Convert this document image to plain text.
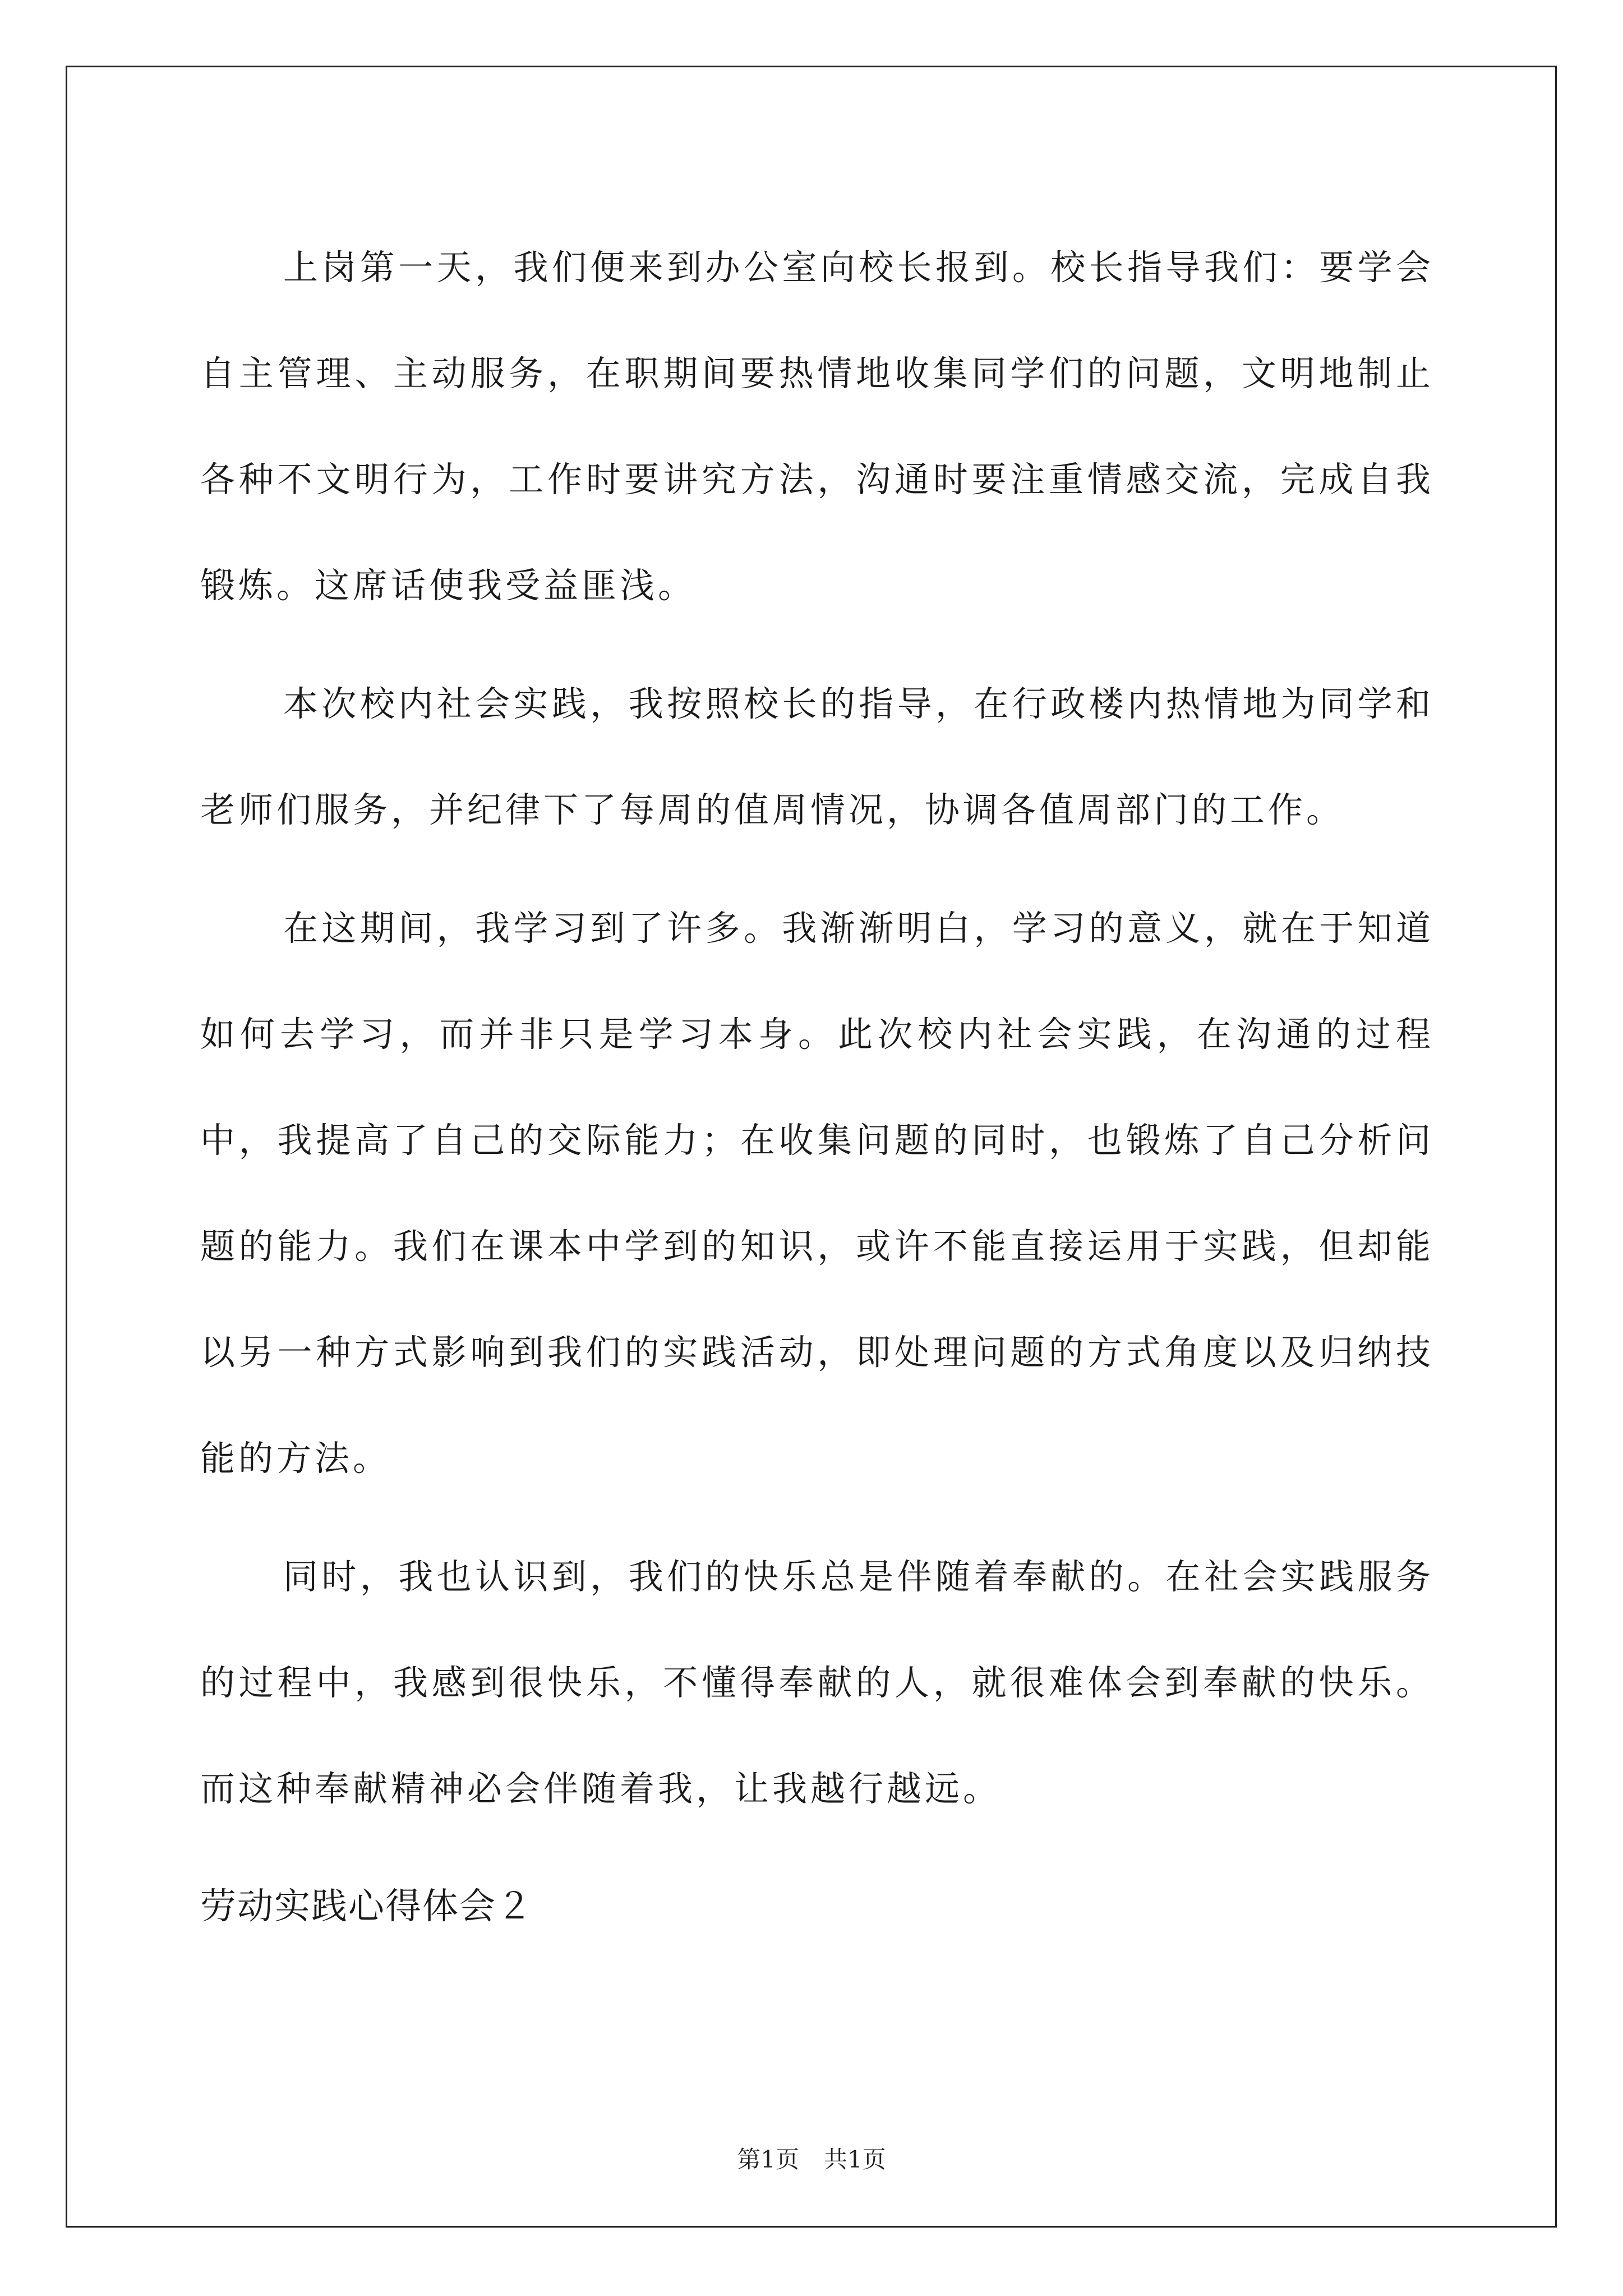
上岗第一天，我们便来到办公室向校长报到。校长指导我们：要学会自主管理、主动服务，在职期间要热情地收集同学们的问题，文明地制止各种不文明行为，工作时要讲究方法，沟通时要注重情感交流，完成自我锻炼。这席话使我受益匪浅。

本次校内社会实践，我按照校长的指导，在行政楼内热情地为同学和老师们服务，并纪律下了每周的值周情况，协调各值周部门的工作。

在这期间，我学习到了许多。我渐渐明白，学习的意义，就在于知道如何去学习，而并非只是学习本身。此次校内社会实践，在沟通的过程中，我提高了自己的交际能力；在收集问题的同时，也锻炼了自己分析问题的能力。我们在课本中学到的知识，或许不能直接运用于实践，但却能以另一种方式影响到我们的实践活动，即处理问题的方式角度以及归纳技能的方法。

同时，我也认识到，我们的快乐总是伴随着奉献的。在社会实践服务的过程中，我感到很快乐，不懂得奉献的人，就很难体会到奉献的快乐。而这种奉献精神必会伴随着我，让我越行越远。

劳动实践心得体会２

第1页 共1页
